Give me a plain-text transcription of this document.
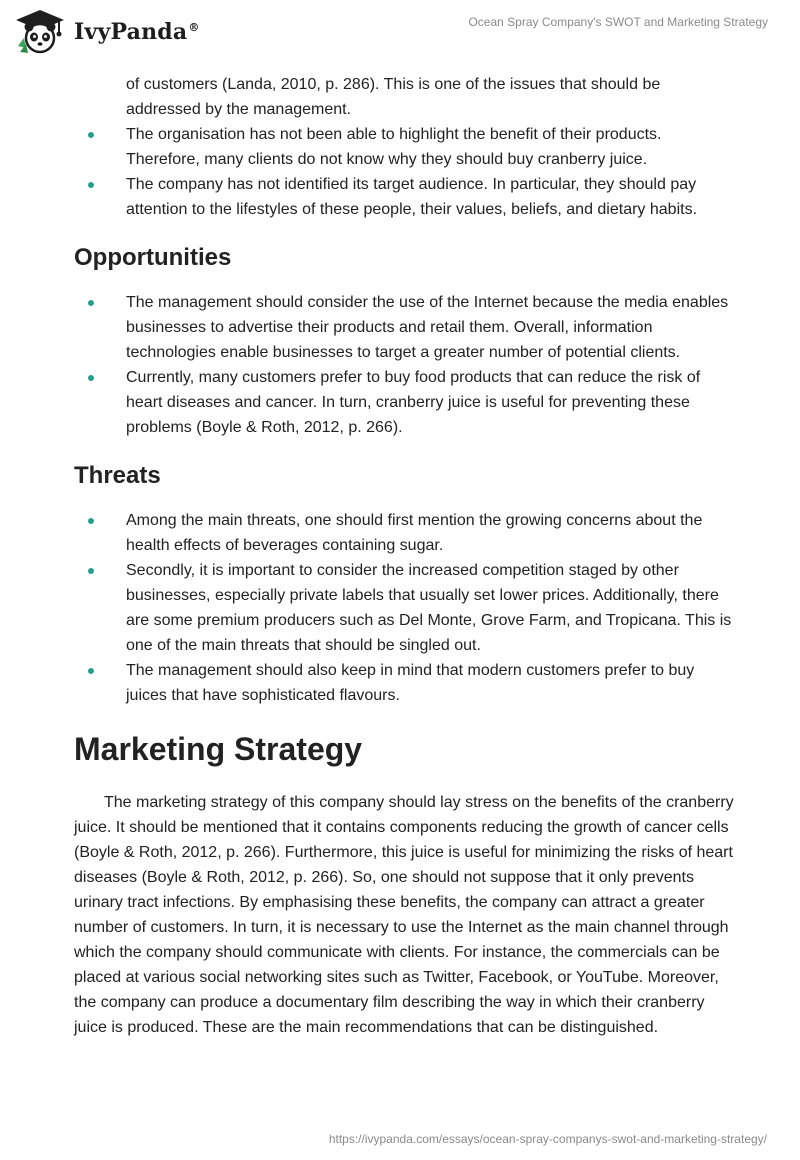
IvyPanda®	Ocean Spray Company's SWOT and Marketing Strategy
of customers (Landa, 2010, p. 286). This is one of the issues that should be addressed by the management.
The organisation has not been able to highlight the benefit of their products. Therefore, many clients do not know why they should buy cranberry juice.
The company has not identified its target audience. In particular, they should pay attention to the lifestyles of these people, their values, beliefs, and dietary habits.
Opportunities
The management should consider the use of the Internet because the media enables businesses to advertise their products and retail them. Overall, information technologies enable businesses to target a greater number of potential clients.
Currently, many customers prefer to buy food products that can reduce the risk of heart diseases and cancer. In turn, cranberry juice is useful for preventing these problems (Boyle & Roth, 2012, p. 266).
Threats
Among the main threats, one should first mention the growing concerns about the health effects of beverages containing sugar.
Secondly, it is important to consider the increased competition staged by other businesses, especially private labels that usually set lower prices. Additionally, there are some premium producers such as Del Monte, Grove Farm, and Tropicana. This is one of the main threats that should be singled out.
The management should also keep in mind that modern customers prefer to buy juices that have sophisticated flavours.
Marketing Strategy

The marketing strategy of this company should lay stress on the benefits of the cranberry juice. It should be mentioned that it contains components reducing the growth of cancer cells (Boyle & Roth, 2012, p. 266). Furthermore, this juice is useful for minimizing the risks of heart diseases (Boyle & Roth, 2012, p. 266). So, one should not suppose that it only prevents urinary tract infections. By emphasising these benefits, the company can attract a greater number of customers. In turn, it is necessary to use the Internet as the main channel through which the company should communicate with clients. For instance, the commercials can be placed at various social networking sites such as Twitter, Facebook, or YouTube. Moreover, the company can produce a documentary film describing the way in which their cranberry juice is produced. These are the main recommendations that can be distinguished.

https://ivypanda.com/essays/ocean-spray-companys-swot-and-marketing-strategy/
